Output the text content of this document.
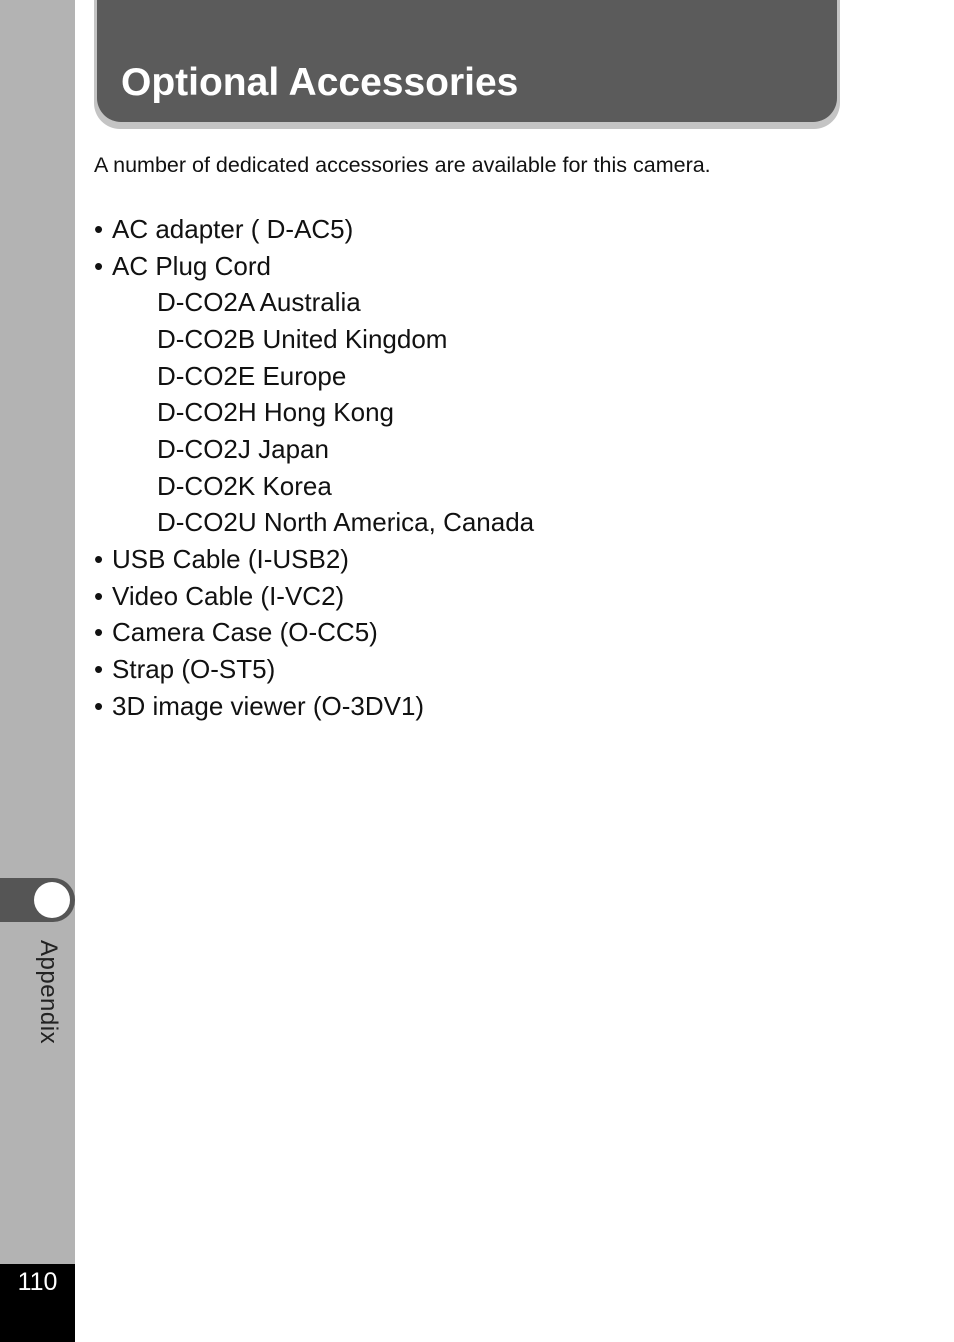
Appendix
110
Optional Accessories

A number of dedicated accessories are available for this camera.

• AC adapter ( D-AC5)
• AC Plug Cord
D-CO2A Australia
D-CO2B United Kingdom
D-CO2E Europe
D-CO2H Hong Kong
D-CO2J Japan
D-CO2K Korea
D-CO2U North America, Canada
• USB Cable (I-USB2)
• Video Cable (I-VC2)
• Camera Case (O-CC5)
• Strap (O-ST5)
• 3D image viewer (O-3DV1)
